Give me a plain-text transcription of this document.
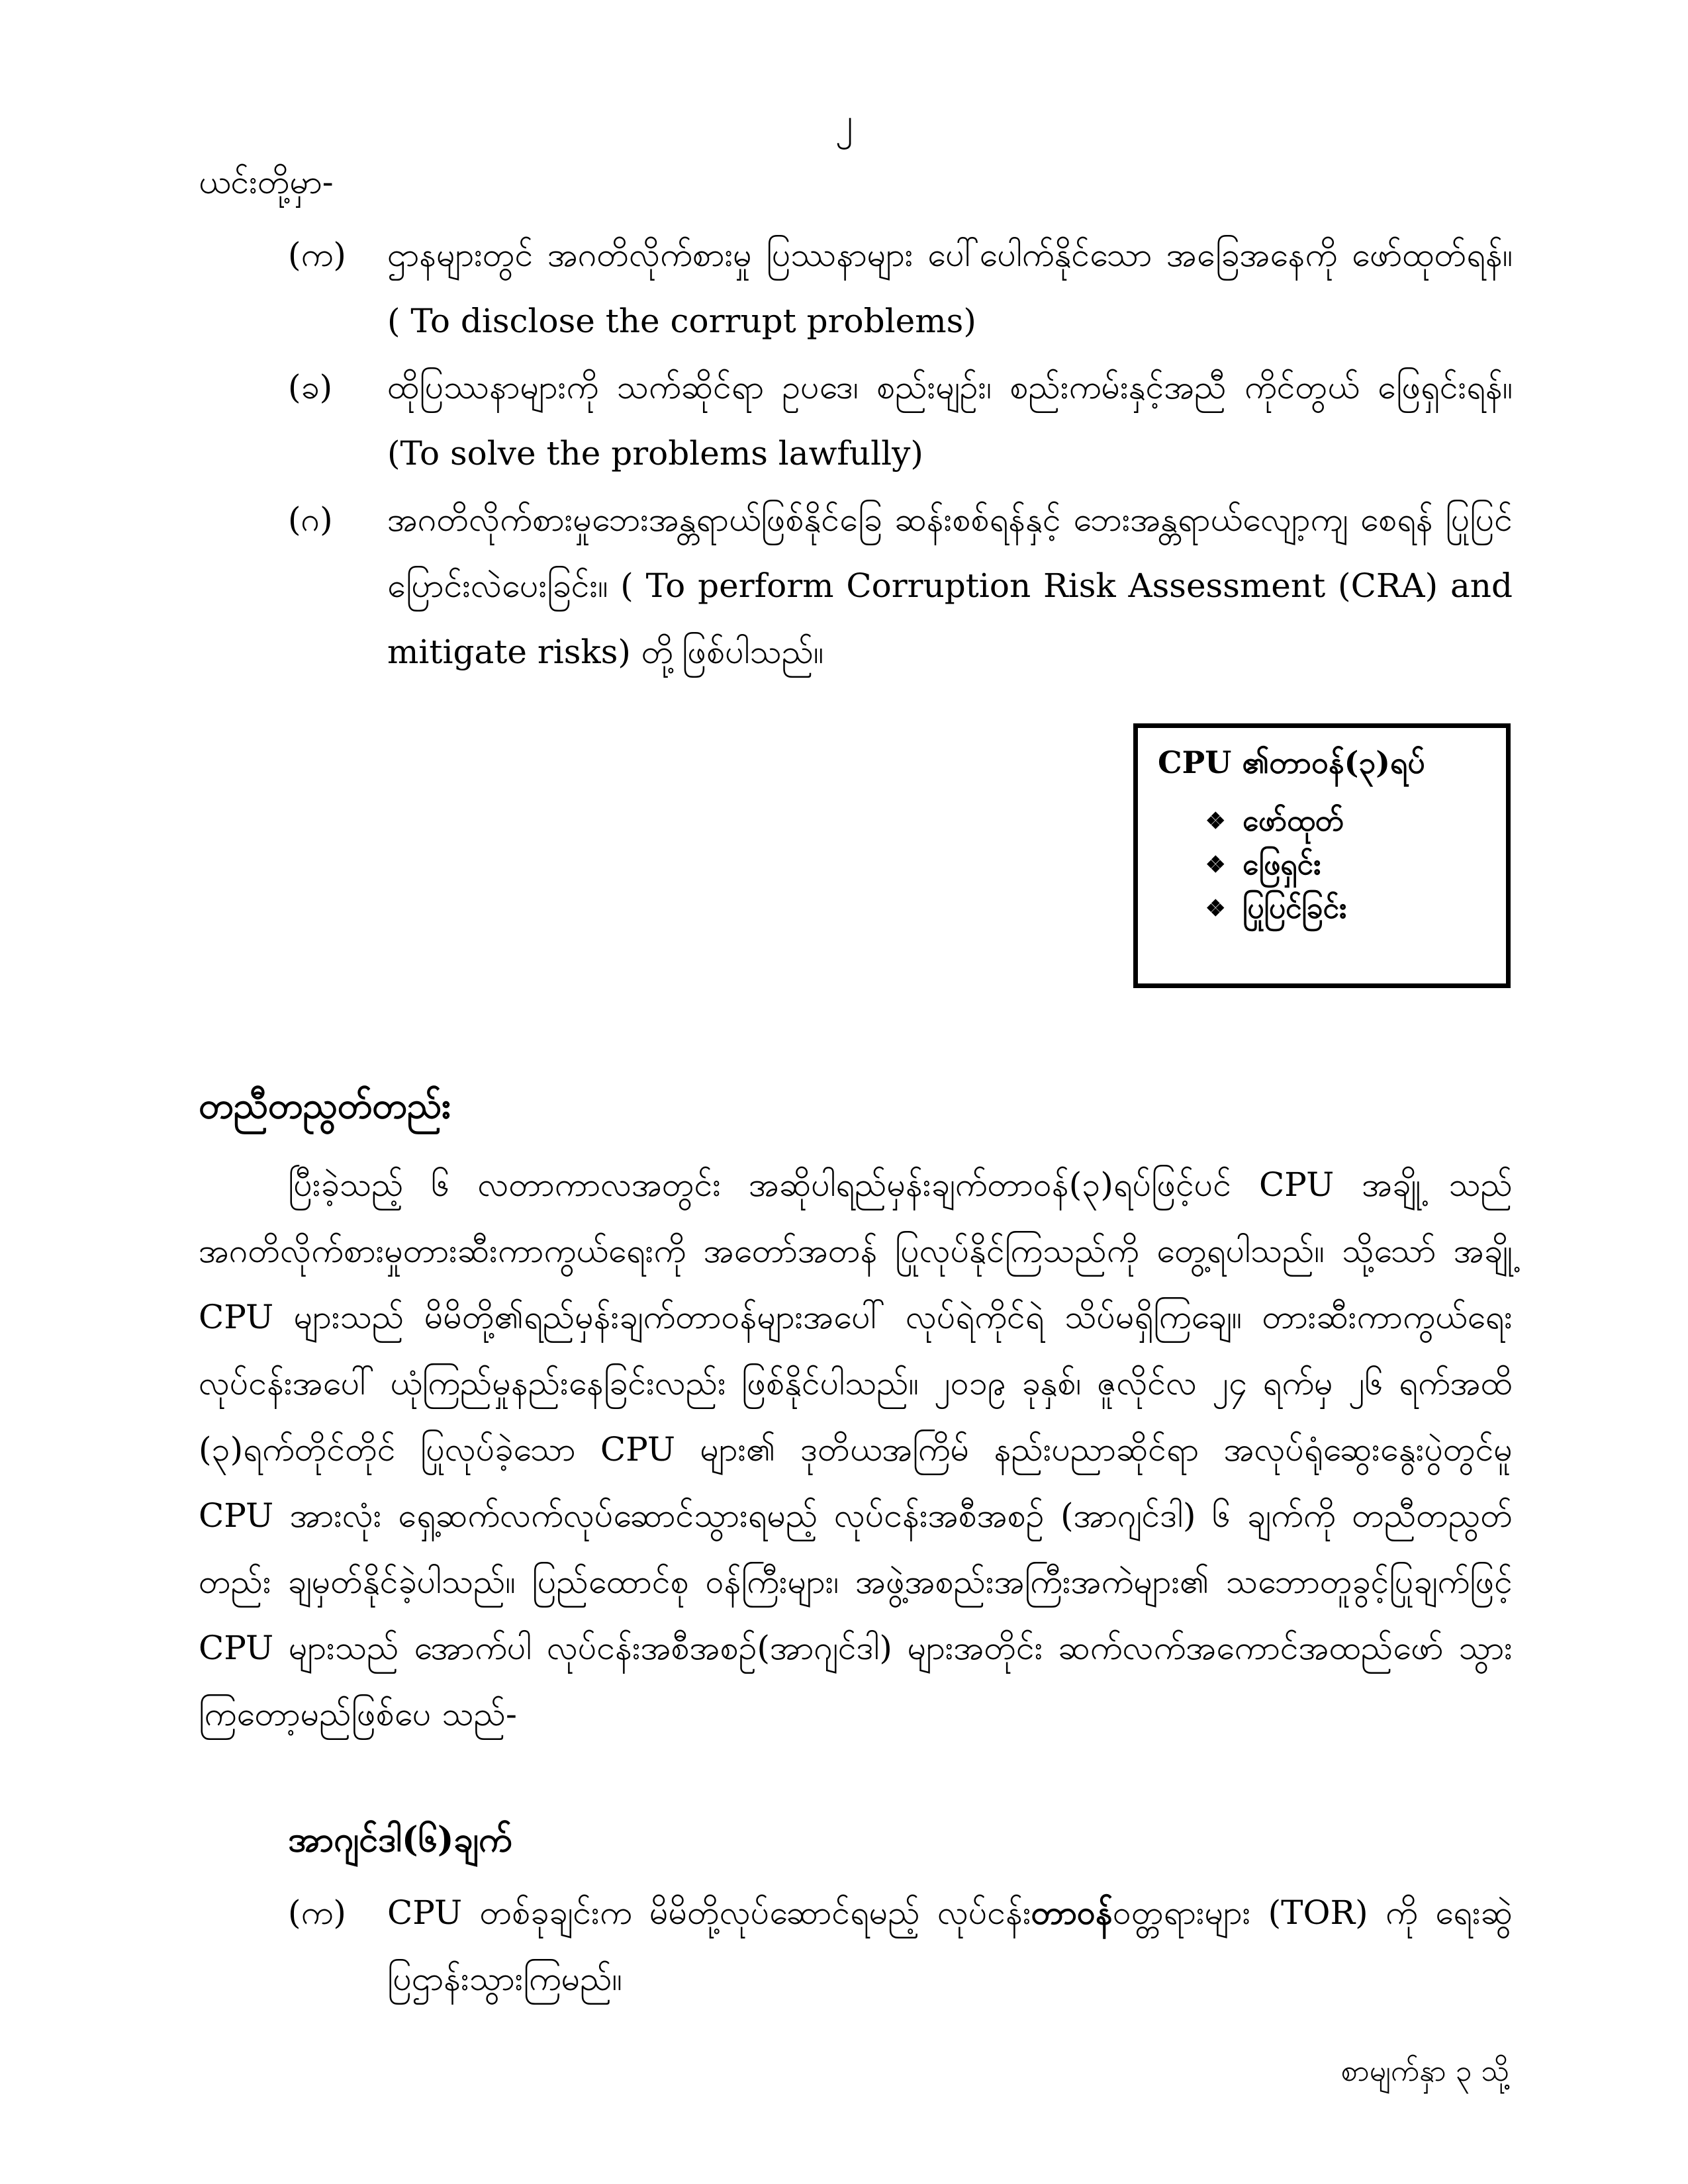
၂
ယင်းတို့မှာ-
(က)	ဌာနများတွင် အဂတိလိုက်စားမှု ပြဿနာများ ပေါ်ပေါက်နိုင်သော အခြေအနေကို ဖော်ထုတ်ရန်။ ( To disclose the corrupt problems)
(ခ)	ထိုပြဿနာများကို သက်ဆိုင်ရာ ဥပဒေ၊ စည်းမျဉ်း၊ စည်းကမ်းနှင့်အညီ ကိုင်တွယ် ဖြေရှင်းရန်။ (To solve the problems lawfully)
(ဂ)	အဂတိလိုက်စားမှုဘေးအန္တရာယ်ဖြစ်နိုင်ခြေ ဆန်းစစ်ရန်နှင့် ဘေးအန္တရာယ်လျော့ကျ စေရန် ပြုပြင်ပြောင်းလဲပေးခြင်း။ ( To perform Corruption Risk Assessment (CRA) and mitigate risks) တို့ဖြစ်ပါသည်။
CPU ၏တာဝန်(၃)ရပ်
❖ ဖော်ထုတ်
❖ ဖြေရှင်း
❖ ပြုပြင်ခြင်း
တညီတညွတ်တည်း
ပြီးခဲ့သည့် ၆ လတာကာလအတွင်း အဆိုပါရည်မှန်းချက်တာဝန်(၃)ရပ်ဖြင့်ပင် CPU အချို့ သည် အဂတိလိုက်စားမှုတားဆီးကာကွယ်ရေးကို အတော်အတန် ပြုလုပ်နိုင်ကြသည်ကို တွေ့ရပါသည်။ သို့သော် အချို့ CPU များသည် မိမိတို့၏ရည်မှန်းချက်တာဝန်များအပေါ် လုပ်ရဲကိုင်ရဲ သိပ်မရှိကြချေ။ တားဆီးကာကွယ်ရေးလုပ်ငန်းအပေါ် ယုံကြည်မှုနည်းနေခြင်းလည်း ဖြစ်နိုင်ပါသည်။ ၂၀၁၉ ခုနှစ်၊ ဇူလိုင်လ ၂၄ ရက်မှ ၂၆ ရက်အထိ (၃)ရက်တိုင်တိုင် ပြုလုပ်ခဲ့သော CPU များ၏ ဒုတိယအကြိမ် နည်းပညာဆိုင်ရာ အလုပ်ရုံဆွေးနွေးပွဲတွင်မူ CPU အားလုံး ရှေ့ဆက်လက်လုပ်ဆောင်သွားရမည့် လုပ်ငန်းအစီအစဉ် (အာဂျင်ဒါ) ၆ ချက်ကို တညီတညွတ်တည်း ချမှတ်နိုင်ခဲ့ပါသည်။ ပြည်ထောင်စု ဝန်ကြီးများ၊ အဖွဲ့အစည်းအကြီးအကဲများ၏ သဘောတူခွင့်ပြုချက်ဖြင့် CPU များသည် အောက်ပါ လုပ်ငန်းအစီအစဉ်(အာဂျင်ဒါ) များအတိုင်း ဆက်လက်အကောင်အထည်ဖော် သွားကြတော့မည်ဖြစ်ပေ သည်-
အာဂျင်ဒါ(၆)ချက်
(က)	CPU တစ်ခုချင်းက မိမိတို့လုပ်ဆောင်ရမည့် လုပ်ငန်းတာဝန်ဝတ္တရားများ (TOR) ကို ရေးဆွဲပြဌာန်းသွားကြမည်။
စာမျက်နှာ ၃ သို့
